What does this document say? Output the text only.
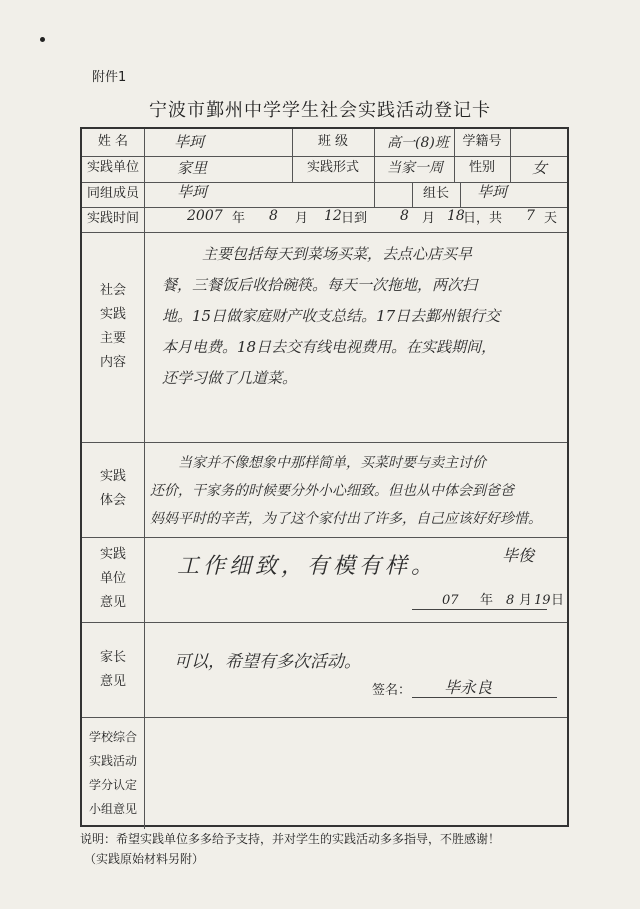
附件1
宁波市鄞州中学学生社会实践活动登记卡
姓 名	毕珂	班 级	高一(8)班	学籍号
实践单位	家里	实践形式	当家一周	性别	女
同组成员	毕珂	组长	毕珂
实践时间	2007 年 8 月 12 日到 8 月 18
日，共 7 天
社会
实践
主要
内容
主要包括每天到菜场买菜，去点心店买早
餐，三餐饭后收拾碗筷。每天一次拖地，两次扫
地。15日做家庭财产收支总结。17日去鄞州银行交
本月电费。18日去交有线电视费用。在实践期间，
还学习做了几道菜。
实践
体会
当家并不像想象中那样简单，买菜时要与卖主讨价
还价，干家务的时候要分外小心细致。但也从中体会到爸爸
妈妈平时的辛苦，为了这个家付出了许多，自己应该好好珍惜。
实践
单位
意见
工作细致，有模有样。	毕俊
07 年 8 月 19 日
家长
意见
可以，希望有多次活动。
签名： 毕永良
学校综合
实践活动
学分认定
小组意见
说明：希望实践单位多多给予支持，并对学生的实践活动多多指导，不胜感谢！
（实践原始材料另附）
